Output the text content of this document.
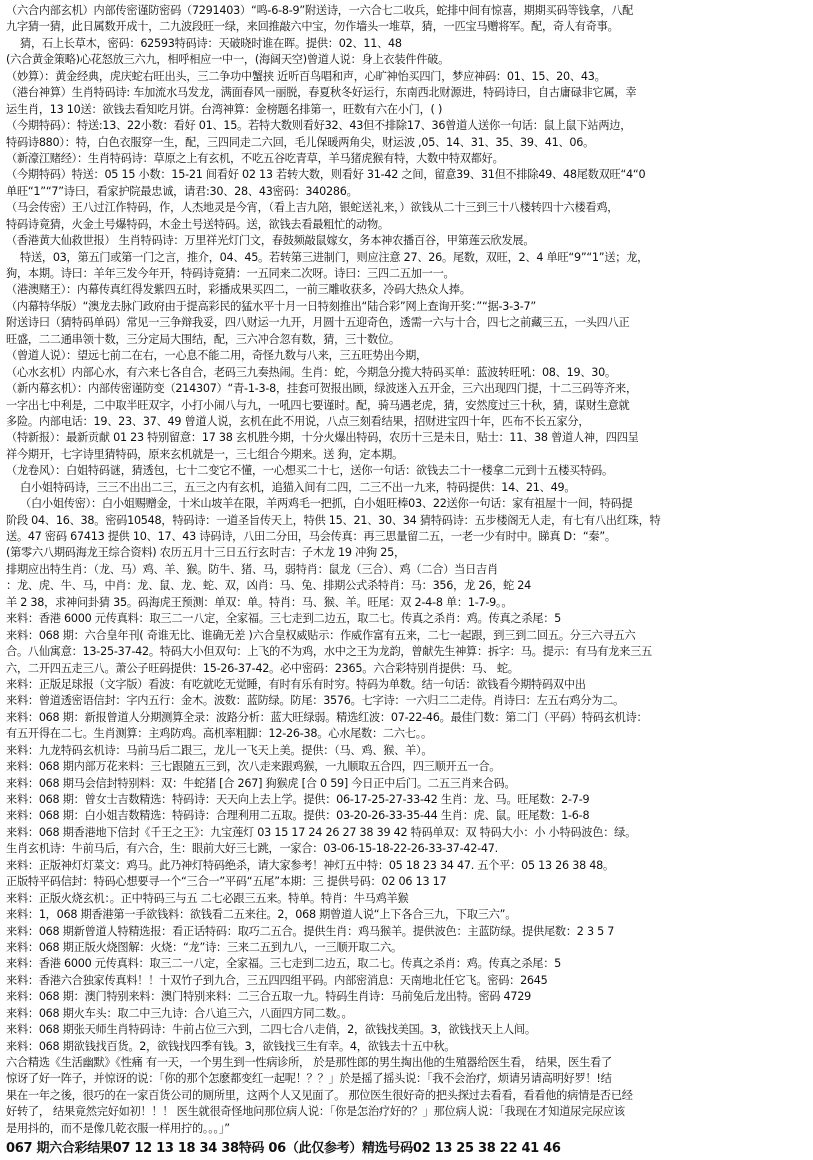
（六合内部玄机）内部传密谨防密码（7291403）“鸣-6-8-9”附送诗，一六合七二收兵，蛇排中间有惊喜，期期买码等钱拿，八配
九字猜一猜，此日属数开成十，二九波段旺一绿，来回推敲六中宝，勿作墙头一堆草，猜，一匹宝马赠将军。配，奇人有奇事。
猜，石上长草木，密码：62593特码诗：天破晓时谁在晖。提供：02、11、48
(六合黄金策略)心花怒放三六九，相呼相应一中一，(海阔天空)曾道人说：身上衣装件件破。
（妙算）：黄金经典，虎庆蛇右旺出头，三二争功中蟹挟 近听百鸟唱和声，心旷神怡买四门，梦应神码：01、15、20、43。
（港台神算）生肖特码诗: 车加流水马发龙，满面春风一丽脱，春夏秋冬好运行，东南西北财源进，特码诗曰，自古庸碌非它属，幸
运生肖，13 10送：欲钱去看知吃月饼。台湾神算：金榜题名排第一，旺数有六在小门，( )
（今期特码）：特送:13、22小数：看好 01、15。若特大数则看好32、43但不排除17、36曾道人送你一句话：鼠上鼠下站两边，
特码诗880）：特，白色衣服穿一生，配，三四同走二六回，毛儿保暖两角尖，财运波 ,05、14、31、35、39、41、06。
（新濠江赌经）：生肖特码诗：草原之上有玄机，不吃五谷吃青草，羊马猪虎猴有特，大数中特双都好。
（今期特码）特送：05 15 小数：15-21 间看好 02 13 若转大数，则看好 31-42 之间，留意39、31但不排除49、48尾数双旺“4“0
单旺“1”“7”诗曰，看家护院最忠诚，请君:30、28、43密码：340286。
（马会传密）王八过江作特码，作，人杰地灵是今宵，（看上吉九陪，银蛇送礼来，）欲钱从二十三到三十八楼转四十六楼看鸡，
特码诗竟猜，火金土号爆特码，木金土号送特码。送，欲钱去看最粗忙的动物。
（香港黄大仙救世报） 生肖特码诗：万里祥光灯门文，春鼓频敲鼠嫁女，务本神农播百谷，甲第莲云欣发展。
特送，03，第五门或第一门之言，推介，04、45。若转第三进制门，则应注意 27、26。尾数，双旺，2、4 单旺“9”“1”送；龙，
狗，本期。诗曰：羊年三发今年开，特码诗竟猜：一五同来二次呀。诗曰：三四二五加一一。
（港澳赌王）：内幕传真红得发紫四五时，彩播成果买四二，一前三雕收获多，冷码大热众人捧。
（内幕特华版）“澳龙去脉门政府由于提高彩民的猛水平十月一日特刻推出“陆合彩”网上查询开奖：”“据-3-3-7”
附送诗曰（猜特码单码）常见一三争辩我妥，四八财运一九开，月圆十五迎奇色，透需一六与十合，四七之前藏三五，一头四八正
旺盛，二二通串领十数，三分定局大围结，配，三六冲合忽有数，猜，三十数位。
（曾道人说）：望远七前二在右，一心息不能二用，奇怪九数与八来，三五旺势出今期，
（心水玄机）内部心水，有六来七各自合，老码三九奏热闹。生肖：蛇，今期急分揽大特码买单：蓝波转旺吼：08、19、30。
（新内幕玄机）：内部传密谨防变（214307）“青-1-3-8，挂套可贺报出顾，绿波迷入五开金，三六出现四门提，十二三码等齐来，
一字出七中利是，二中取半旺双字，小打小闹八与九，一吼四七要谨时。配，骑马遇老虎，猜，安然度过三十秋，猜，谋财生意就
多险。内部电话：19、23、37、49 曾道人说，玄机在此不用说，八点三刻看结果，招财进宝四十年，匹布不长五家分，
（特新报）：最新贡献 01 23 特别留意：17 38 玄机胜今期，十分火爆出特码，农历十三是未日，贴士：11、38 曾道人神，四四呈
祥今期开，七字诗里猜特码，原来玄机就是一，三七组合今期来。送 狗，定本期。
（龙卷风）：白姐特码谜，猜透包，七十二变它不懂，一心想买二十七，送你一句话：欲钱去二十一楼拿二元到十五楼买特码。
白小姐特码诗，三三不出出二三，五三之内有玄机，追猫入间有二四，二三不出一九来，特码提供：14、21、49。
（白小姐传密）：白小姐赐赠金，十米山坡羊在限，羊两鸡毛一把抓，白小姐旺棒03、22送你一句话：家有祖屋十一间，特码提
阶段 04、16、38。密码10548，特码诗：一道圣旨传天上，特供 15、21、30、34 猜特码诗：五步楼阁无人走，有七有八出红珠，特
送。47 密码 67413 提供 10、17、43 诗码诗，八田二分田，马会传真：再三思量留二五，一老一少有时中。睇真 D：“秦”。
(第零六八期码海龙王综合资料) 农历五月十三日五行玄时吉：子木龙 19 冲狗 25，
排期应出特生肖：（龙、马）鸡、羊、猴。防牛、猪、马，弱特肖：鼠龙（三合）、鸡（二合）当日吉肖
：龙、虎、牛、马，中肖：龙、鼠、龙、蛇、双，凶肖：马、兔、排期公式杀特肖：马：356，龙 26，蛇 24
羊 2 38，求神问卦猜 35。码海虎王预测：单双：单。特肖：马、猴、羊。旺尾：双 2-4-8 单：1-7-9。。
来料：香港 6000 元传真料：取三二一八定，全家福。三七走到二边五，取二七。传真之杀肖：鸡。传真之杀尾：5
来料：068 期：六合皇年刊( 奇谁无比、谁确无差 )六合皇权威贴示：作威作富有五来，二七一起跟，到三到二回五。分三六寻五六
合。八仙寓意：13-25-37-42。特码大小但双句：上飞的不为鸡，水中之王为龙韵，曾献先生神算：拆字：马。提示：有马有龙来三五
六，二开四五走三八。萧公子旺码提供：15-26-37-42。必中密码：2365。六合彩特别肖提供：马、 蛇。
来料：正版足球报（文字版）看波：有吃就吃无觉睡，有时有乐有时穷。特码为单数。结一句话：欲钱看今期特码双中出
来料：曾道透密语信封：字内五行：金木。波数：蓝防绿。防尾：3576。七字诗：一六归二二走侍。肖诗曰：左五右鸡分为二。
来料：068 期：新报曾道人分期测算全录：波路分析：蓝大旺绿弱。精选红波：07-22-46。最佳门数：第二门（平码）特码玄机诗：
有五开得在二七。生肖测算：主鸡防鸡。高机率粗脚：12-26-38。心水尾数：二六七。。
来料：九龙特码玄机诗：马前马后二跟三，龙儿一飞天上美。提供：（马、鸡、猴、羊）。
来料：068 期内部万花来料：三七跟随五三到，次八走来跟鸡猴，一九顺取五合四，四三顺开五一合。
来料：068 期马会信封特别料：双：牛蛇猪 [合 267] 狗猴虎 [合 0 59] 今日正中后门。二五三肖来合码。
来料：068 期：曾女士吉数精选：特码诗：天天向上去上学。提供：06-17-25-27-33-42 生肖：龙、马。旺尾数：2-7-9
来料：068 期：白小姐吉数精选：特码诗：合理利用二五取。提供：03-20-26-33-35-44 生肖：虎、鼠。旺尾数：1-6-8
来料：068 期香港地下信封《千王之王》：九宝莲灯 03 15 17 24 26 27 38 39 42 特码单双：双 特码大小：小 小特码波色：绿。
生肖玄机诗：牛前马后，有六合，生：眼前大好三七跳，一家合：03-06-15-18-22-26-33-37-42-47.
来料：正版神灯灯菜文：鸡马。此乃神灯特码绝杀，请大家参考！神灯五中特：05 18 23 34 47. 五个平：05 13 26 38 48。
正版特平码信封：特码心想要寻一个“三合一”平码“五尾”本期：三 提供号码：02 06 13 17
来料：正版火烧玄机：。正中特码三与五 二七必跟三五来。特单。特肖：牛马鸡羊猴
来料：1，068 期香港第一手欲钱料：欲钱看二五来往。2，068 期曾道人说“上下各合三九，下取三六”。
来料：068 期新曾道人特精选报：看正话特码：取巧二五合。提供生肖：鸡马猴羊。提供波色：主蓝防绿。提供尾数：2 3 5 7
来料：068 期正版火烧图解：火烧：“龙”诗：三来二五到九八，一三顺开取二六。
来料：香港 6000 元传真料：取三二一八定，全家福。三七走到二边五，取二七。传真之杀肖：鸡。传真之杀尾：5
来料：香港六合独家传真料！！十双竹子到九合，三五四四组平码。内部密消息：天南地北任它飞。密码：2645
来料：068 期：澳门特别来料：澳门特别来料：二三合五取一九。特码生肖诗：马前兔后龙出特。密码 4729
来料：068 期火车头：取二中三九诗：合八追三六，八面四方同二数。。
来料：068 期张天师生肖特码诗：牛前占位三六到，二四七合八走俏，2，欲钱找美国。3，欲钱找天上人间。
来料：068 期欲钱找百货。2，欲钱找四季有钱。3，欲钱找三生有幸。4，欲钱去十五中秋。
六合精选《生活幽默》《性痛 有一天，一个男生到一性病诊所， 於是那性郎的男生掏出他的生殖器给医生看， 结果，医生看了
惊讶了好一阵子，并惊讶的说：「你的那个怎麽都变红一起呢！？？」於是摇了摇头说：「我不会治疗，烦请另请高明好罗！!结
果在一年之後，很巧的在一家百货公司的厕所里，这两个人又见面了。 那位医生很好奇的把头探过去看看，看看他的病情是否已经
好转了， 结果竟然完好如初！！！ 医生就很奇怪地问那位病人说：「你是怎治疗好的？」那位病人说：「我现在才知道尿完尿应该
是用抖的，而不是像几乾衣服一样用拧的。。。」”
067 期六合彩结果07 12 13 18 34 38特码 06（此仅参考）精选号码02 13 25 38 22 41 46
